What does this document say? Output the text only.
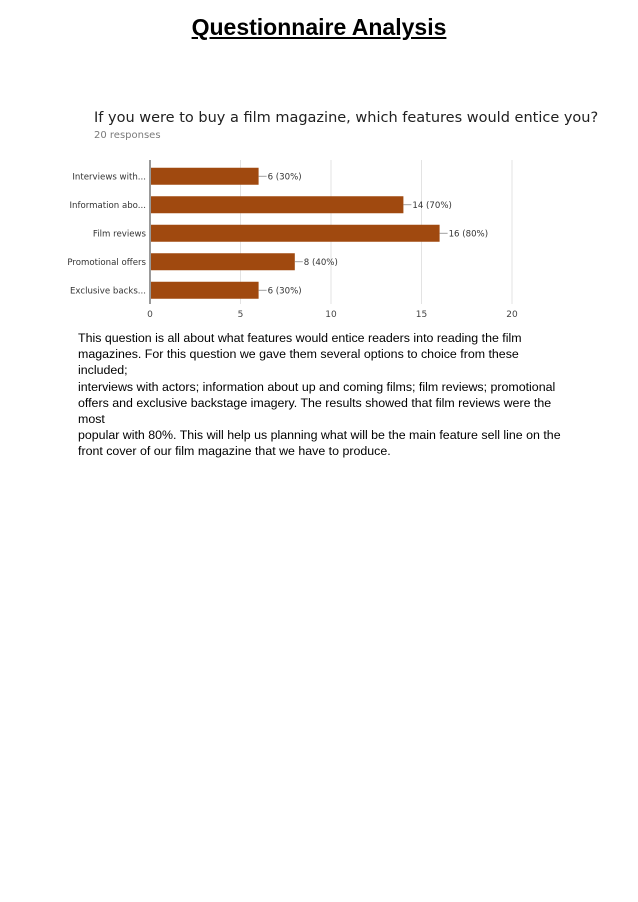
Questionnaire Analysis
If you were to buy a film magazine, which features would entice you?
20 responses
0	5	10	15	20
Interviews with...	6 (30%)
Information abo...	14 (70%)
Film reviews	16 (80%)
Promotional offers	8 (40%)
Exclusive backs...	6 (30%)
This question is all about what features would entice readers into reading the film
magazines. For this question we gave them several options to choice from these included;
interviews with actors; information about up and coming films; film reviews; promotional
offers and exclusive backstage imagery. The results showed that film reviews were the most
popular with 80%. This will help us planning what will be the main feature sell line on the
front cover of our film magazine that we have to produce.
